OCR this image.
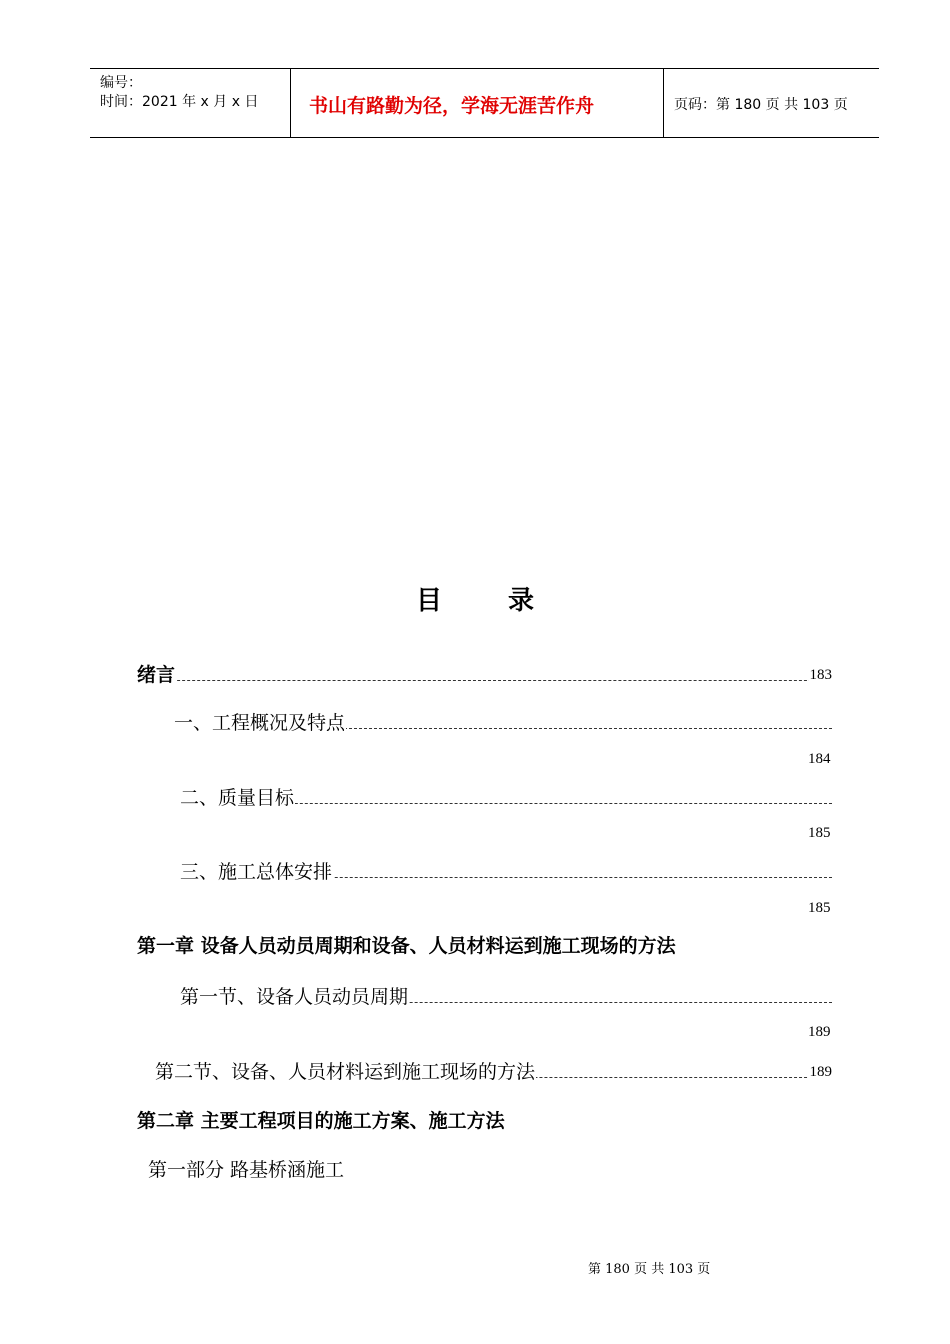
编号：
时间：2021 年 x 月 x 日	书山有路勤为径，学海无涯苦作舟	页码：第 180 页 共 103 页
目录
绪言	183
一、工程概况及特点
184
二、质量目标
185
三、施工总体安排
185
第一章 设备人员动员周期和设备、人员材料运到施工现场的方法
第一节、设备人员动员周期
189
第二节、设备、人员材料运到施工现场的方法	189
第二章 主要工程项目的施工方案、施工方法
第一部分 路基桥涵施工
第 180 页 共 103 页
